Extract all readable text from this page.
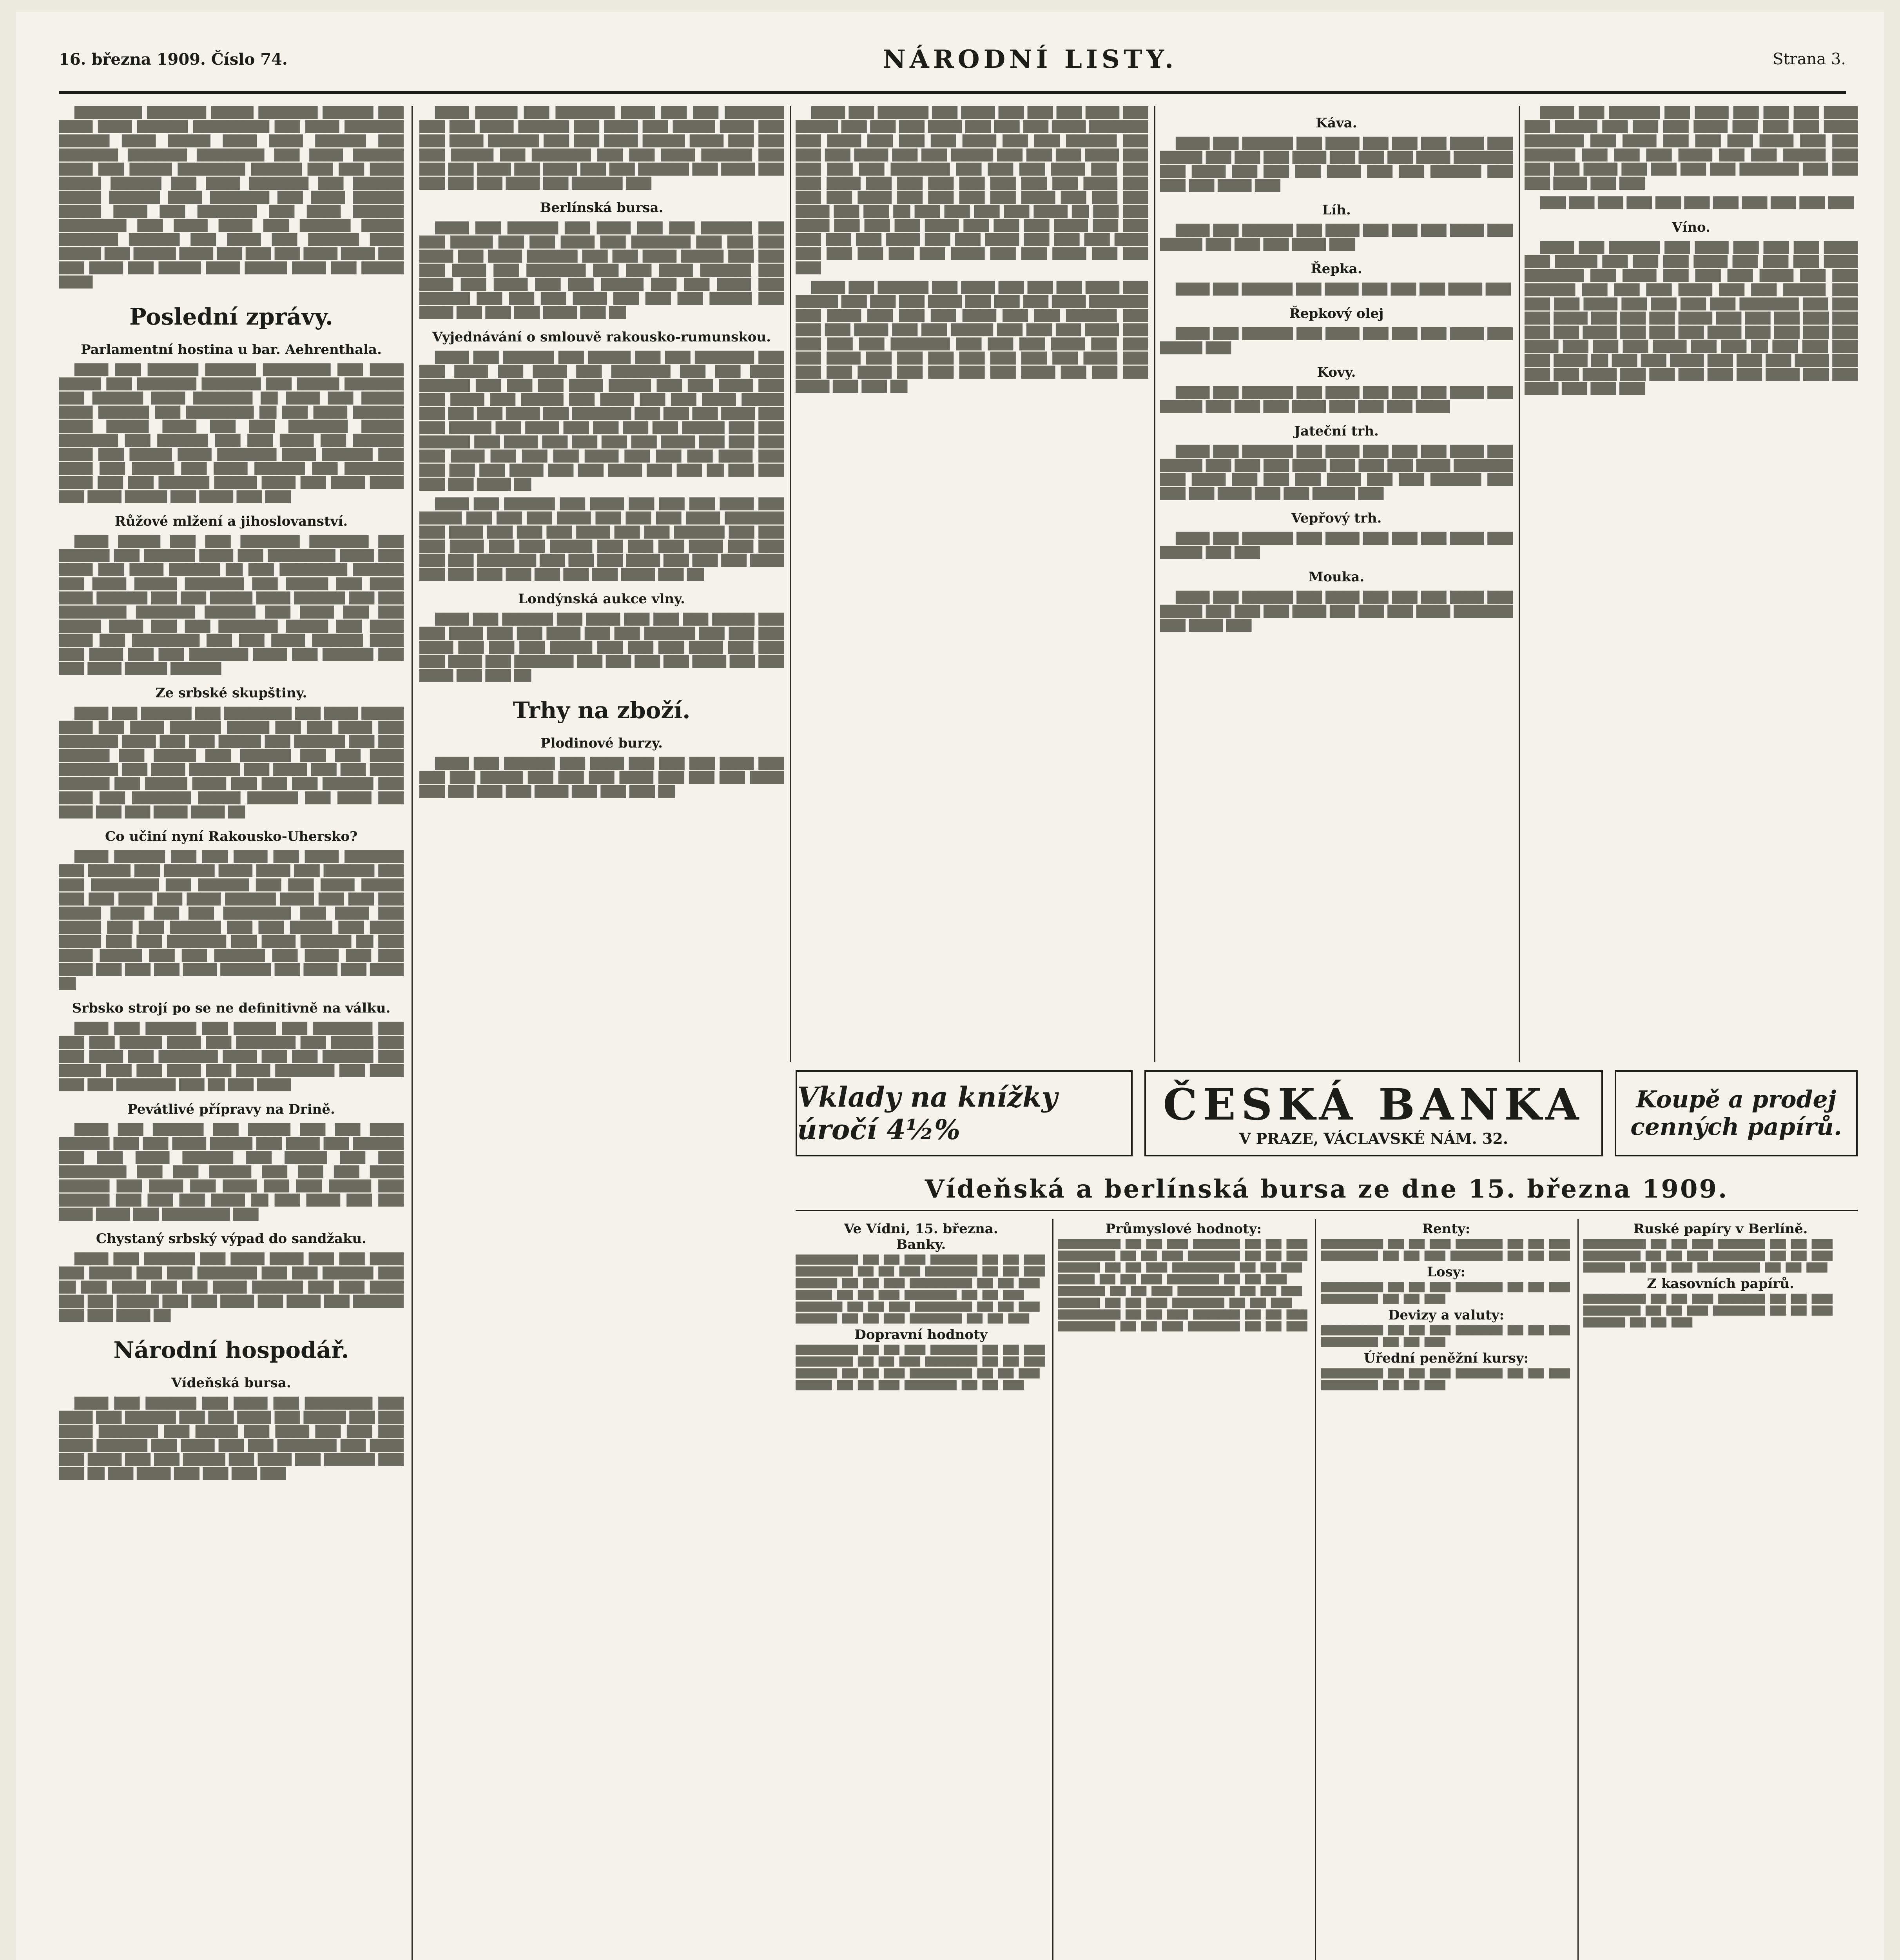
16. března 1909. Číslo 74.	NÁRODNÍ LISTY.	Strana 3.
████████ ███████ █████ ███████ ██████ ███ ████ ████ ██████ █████████ ███ ████ ███████ ██████ ████ █████ ████ ████ ██████ ███ ███████ ███████ ████████ ███ ████ ██████ ████ ███ █████ ████████ ██████ ███ ███ ████ █████ ██████ ███ ████ ███████ ███ ██████ █████ ██████ ████ ███████ ███ ████ ██████ █████ ████ ███ ███████ ███ ████ ██████ ████████ ███ ████ ████ ███ ██████ █████ ███████ ██████ ███ ████ ███ ██████ ████ █████ ███ █████ ████ ███ ███ ███ ████ ████ ███ ███ ████ ███ █████ ████ █████ ████ ███ █████ ████
Poslední zprávy.
Parlamentní hostina u bar. Aehrenthala.
████ ███ ██████ ██████ ████████ ███ ████ █████ ███ ███████ ███████ ███ █████ ███████ ███ ██████ ████ ███████ ██ ████ ███ █████ ████ ██████ ███ ████████ ██ ███ ████ ██████ ████ █████ ████ ███ ███ ███████ █████ ███████ ███ ██████ ███ ███ ████ ███ ██████ ████ ███ █████ ████ ███████ ████ ██████ ███ ████ ███ █████ ███ ████ ██████ ███ ███████ ████ ███ ███ ██████ █████ ████ ███ ████ ████ ███ ████ █████ ███ ████ ███ ███
Růžové mlžení a jihoslovanství.
████ █████ ███ ███ ███████ ███████ ███ ██████ ███ ██████ ████ ███ ████████ ████ ███ ████ ███ ████ ██████ ██ ███ ████████ ██████ ███ ████ █████ ███████ ███ █████ ███ ████ ████ ██████ ███ ███ █████ ████ ██████ ███ ███ ████████ ███████ ██████ ███ ████ ███ ███ █████ ████ ███ ███ ███████ █████ ███ ████ ████ ███ ████████ ███ ███ ████ ██████ ████ ███ ████ ███ ███ ███████ ████ ███ ██████ ███ ███ ████ █████ ██████
Ze srbské skupštiny.
████ ███ ██████ ███ ████████ ███ ████ █████ ████ ███ ████ ██████ █████ ███ ███ ████ ███ ███████ ████ ███ ███ █████ ███ ██████ ███ ███ ██████ ███ █████ ███ ██████ ███ ███ ████ ███████ ███ ████ ██████ ███ ████ ███ ███ ████ ██████ ███ █████ ████ ███ ███ ███ ██████ ███ ████ ███ ███████ █████ ██████ ███ ████ ███ ████ ███ ███ ████ ████ ██
Co učiní nyní Rakousko-Uhersko?
████ ██████ ███ ███ ████ ███ ████ ███████ ███ █████ ███ ██████ ████ ████ ███ ██████ ███ ███ ████████ ███ ██████ ███ ███ ████ █████ ███ ███ ████ ███ ████ ██████ ████ ███ ███ ███ █████ ████ ███ ███ ████████ ███ ████ ███ █████ ███ ███ ██████ ███ ███ █████ ███ ████ █████ ███ ███ ███████ ███ ████ ██████ ██ ███ ████ █████ ███ ███ ██████ ███ ████ ███ ███ ████ ███ ███ ███ ████ ██████ ███ ████ ███ ████ ██
Srbsko strojí po se ne definitivně na válku.
████ ███ ██████ ███ █████ ███ ███████ ███ ███ ███ █████ ████ ███ ███████ ███ █████ ███ ███ ████ ███ ███████ ████ ███ ███ ██████ ███ █████ ███ ███ ████ ███ ████ ███████ ███ ████ ███ ███ ███████ ███ ██ ███ ████
Pevátlivé přípravy na Drině.
████ ███ ██████ ███ █████ ███ ███ ████ ██████ ███ ███ ████ █████ ███ ████ ███ ██████ ███ ███ ████ ██████ ███ █████ ███ ███ ████████ ███ ███ █████ ███ ███ ███ ████ ██████ ███ ████ ███ ████ ███ ███ █████ ███ ██████ ███ ███ ███ ████ ██ ███ ████ ███ ███ ████ ████ ███ ████████ ███
Chystaný srbský výpad do sandžaku.
████ ███ ██████ ███ ████ ████ ███ ███ ████ ███ █████ ███ ███ ███████ ███ ███ ██████ ███ ██ ███ ████ ███ ███ ████ ██████ ███ ███ ████ ███ ███ █████ ███ ███ ████ ███ ████ ███ ██████ ███ ███ ████ ██
Národní hospodář.
Vídeňská bursa.
████ ███ ██████ ███ ████ ███ ████████ ███ ████ ███ ██████ ███ ███ ████ ███ █████ ███ ███ ████ ███████ ███ █████ ███ ████ ███ ███ ███ ████ ██████ ███ ████ ███ ███ ███████ ███ ████ ███ ████ ███ ███ █████ ███ ████ ███ ██████ ███ ███ ██ ███ ████ ███ ███ ███ ███
████ █████ ███ ███████ ████ ███ ███ ███████ ███ ███ ████ ██████ ███ ████ ███ █████ ████ ███ ███ ████ ██████ ███ ███ ████ █████ ████ ███ ███ ███ █████ ███ ███████ ███ ███ ████ ██████ ███ ███ ███ ████ ███ ████ ███ ███ ██████ ███ ████ ███ ███ ███ ███ ████ ███ ██████ ███
Berlínská bursa.
████ ███ ██████ ███ ████ ███ ███ ██████ ███ ███ █████ ███ ███ ████ ███ ███████ ███ ███ ███ ████ ███ ████ ██████ ███ ███ ████ █████ ███ ███ ███ ████ ███ ███████ ███ ███ ████ ██████ ███ ████ ███ ████ ███ ███ █████ ███ ███ ████ ███ ██████ ███ ███ ███ ████ ███ ███ ███ █████ ███ ████ ███ ███ ███ ████ ███ ██
Vyjednávání o smlouvě rakousko-rumunskou.
████ ███ ██████ ███ █████ ███ ███ ███████ ███ ███ ████ ███ ████ ███ ███████ ███ ███ ████ ██████ ███ ███ ███ ████ █████ ███ ███ ████ ███ ███ ████ ███ █████ ███ ████ ███ ███ ████ █████ ███ ███ ███ ████ ███ ███████ ███ ███ ███ ████ ███ ███ █████ ███ ████ ███ ███ ███ ███ █████ ███ ███ ██████ ███ ████ ███ ███ ███ ███ ████ ███ ███ ███ ███ ████ ███ ███ ███ ████ ███ ███ ███ ████ ███ ███ ███ ███ ████ ███ ███ ████ ███ ███ ██ ███ ███ ███ ███ ████ ██
████ ███ ██████ ███ ████ ███ ███ ███ ████ ███ █████ ███ ███ ███ ████ ███ ███ ███ ████ ███████ ███ ████ ███ ███ ███ ████ ███ ███ ██████ ███ ███ ███ ████ ███ ███ █████ ███ ███ ███ ████ ███ ███ ███ ███ ███████ ███ ███ ███ ████ ███ ███ ███ ████ ███ ███ ███ ███ ███ ███ ███ ████ ███ ██
Londýnská aukce vlny.
████ ███ ██████ ███ ████ ███ ███ ███ █████ ███ ███ ████ ███ ███ ████ ███ ███ ██████ ███ ███ ███ ████ ███ ███ ███ █████ ███ ███ ███ ████ ███ ███ ███ ████ ███ ███████ ███ ███ ███ ███ ████ ███ ███ ████ ███ ███ ██
Trhy na zboží.
Plodinové burzy.
████ ███ ██████ ███ ████ ███ ███ ███ ████ ███ ███ ███ █████ ███ ███ ███ ████ ███ ███ ███ ████ ███ ███ ███ ███ ████ ███ ███ ███ ██
████ ███ ██████ ███ ████ ███ ███ ███ ████ ███ █████ ███ ███ ███ ████ ███ ███ ███ ████ ███████ ███ ████ ███ ███ ███ ████ ███ ███ ██████ ███ ███ ███ ████ ███ ███ █████ ███ ███ ███ ████ ███ ███ ███ ███ ███████ ███ ███ ███ ████ ███ ███ ███ ████ ███ ███ ███ ███ ███ ███ ███ ████ ███ ███ ███ ████ ███ ███ ███ ███ ████ ███ ███ ███ ████ ███ ███ ██ ███ ███ ███ ███ ████ ██ ███ ███ ████ ███ ███ ███ ████ ███ ███ ███ ████ ███ ███ ███ ███ ███ ████ ███ ███ ████ ███ ███ ███ ████ ███ ███ ███ ███ ███ ████ ███ ███ ████ ███ ███ ███
████ ███ ██████ ███ ████ ███ ███ ███ ████ ███ █████ ███ ███ ███ ████ ███ ███ ███ ████ ███████ ███ ████ ███ ███ ███ ████ ███ ███ ██████ ███ ███ ███ ████ ███ ███ █████ ███ ███ ███ ████ ███ ███ ███ ███ ███████ ███ ███ ███ ████ ███ ███ ███ ████ ███ ███ ███ ███ ███ ███ ███ ████ ███ ███ ███ ████ ███ ███ ███ ███ ████ ███ ███ ███ ████ ███ ███ ██
Káva.
████ ███ ██████ ███ ████ ███ ███ ███ ████ ███ █████ ███ ███ ███ ████ ███ ███ ███ ████ ███████ ███ ████ ███ ███ ███ ████ ███ ███ ██████ ███ ███ ███ ████ ███
Líh.
████ ███ ██████ ███ ████ ███ ███ ███ ████ ███ █████ ███ ███ ███ ████ ███
Řepka.
████ ███ ██████ ███ ████ ███ ███ ███ ████ ███
Řepkový olej
████ ███ ██████ ███ ████ ███ ███ ███ ████ ███ █████ ███
Kovy.
████ ███ ██████ ███ ████ ███ ███ ███ ████ ███ █████ ███ ███ ███ ████ ███ ███ ███ ████
Jateční trh.
████ ███ ██████ ███ ████ ███ ███ ███ ████ ███ █████ ███ ███ ███ ████ ███ ███ ███ ████ ███████ ███ ████ ███ ███ ███ ████ ███ ███ ██████ ███ ███ ███ ████ ███ ███ █████ ███
Vepřový trh.
████ ███ ██████ ███ ████ ███ ███ ███ ████ ███ █████ ███ ███
Mouka.
████ ███ ██████ ███ ████ ███ ███ ███ ████ ███ █████ ███ ███ ███ ████ ███ ███ ███ ████ ███████ ███ ████ ███
████ ███ ██████ ███ ████ ███ ███ ███ ████ ███ █████ ███ ███ ███ ████ ███ ███ ███ ████ ███████ ███ ████ ███ ███ ███ ████ ███ ███ ██████ ███ ███ ███ ████ ███ ███ █████ ███ ███ ███ ████ ███ ███ ███ ███ ███████ ███ ███ ███ ████ ███ ███
███ ███ ███ ███ ███ ███ ███ ███ ███ ███ ███
Víno.
████ ███ ██████ ███ ████ ███ ███ ███ ████ ███ █████ ███ ███ ███ ████ ███ ███ ███ ████ ███████ ███ ████ ███ ███ ███ ████ ███ ███ ██████ ███ ███ ███ ████ ███ ███ █████ ███ ███ ███ ████ ███ ███ ███ ███ ███████ ███ ███ ███ ████ ███ ███ ███ ████ ███ ███ ███ ███ ███ ███ ███ ████ ███ ███ ███ ████ ███ ███ ███ ███ ████ ███ ███ ███ ████ ███ ███ ██ ███ ███ ███ ███ ████ ██ ███ ███ ████ ███ ███ ███ ████ ███ ███ ███ ████ ███ ███ ███ ███ ███ ████ ███ ███ ████ ███ ███ ███
Vklady na knížky úročí 4½%	ČESKÁ BANKA
V PRAZE, VÁCLAVSKÉ NÁM. 32.
Koupě a prodej cenných papírů.
Vídeňská a berlínská bursa ze dne 15. března 1909.
Ve Vídni, 15. března.
Banky.
████████████ ███ ███ ████ █████████ ███ ███ ████ ███████████ ███ ███ ████ ██████████ ███ ███ ████ ████████ ███ ███ ████ ████████████ ███ ███ ████ ███████ ███ ███ ████ ██████████ ███ ███ ████ █████████ ███ ███ ████ ███████████ ███ ███ ████ ████████ ███ ███ ████ ██████████ ███ ███ ████
Dopravní hodnoty
████████████ ███ ███ ████ █████████ ███ ███ ████ ███████████ ███ ███ ████ ██████████ ███ ███ ████ ████████ ███ ███ ████ ████████████ ███ ███ ████ ███████ ███ ███ ████ ██████████ ███ ███ ████
Průmyslové hodnoty:
████████████ ███ ███ ████ █████████ ███ ███ ████ ███████████ ███ ███ ████ ██████████ ███ ███ ████ ████████ ███ ███ ████ ████████████ ███ ███ ████ ███████ ███ ███ ████ ██████████ ███ ███ ████ █████████ ███ ███ ████ ███████████ ███ ███ ████ ████████ ███ ███ ████ ██████████ ███ ███ ████ ████████████ ███ ███ ████ █████████ ███ ███ ████ ███████████ ███ ███ ████ ██████████ ███ ███ ████
Renty:
████████████ ███ ███ ████ █████████ ███ ███ ████ ███████████ ███ ███ ████ ██████████ ███ ███ ████
Losy:
████████████ ███ ███ ████ █████████ ███ ███ ████ ███████████ ███ ███ ████
Devizy a valuty:
████████████ ███ ███ ████ █████████ ███ ███ ████ ███████████ ███ ███ ████
Úřední peněžní kursy:
████████████ ███ ███ ████ █████████ ███ ███ ████ ███████████ ███ ███ ████
Ruské papíry v Berlíně.
████████████ ███ ███ ████ █████████ ███ ███ ████ ███████████ ███ ███ ████ ██████████ ███ ███ ████ ████████ ███ ███ ████ ████████████ ███ ███ ████
Z kasovních papírů.
████████████ ███ ███ ████ █████████ ███ ███ ████ ███████████ ███ ███ ████ ██████████ ███ ███ ████ ████████ ███ ███ ████
